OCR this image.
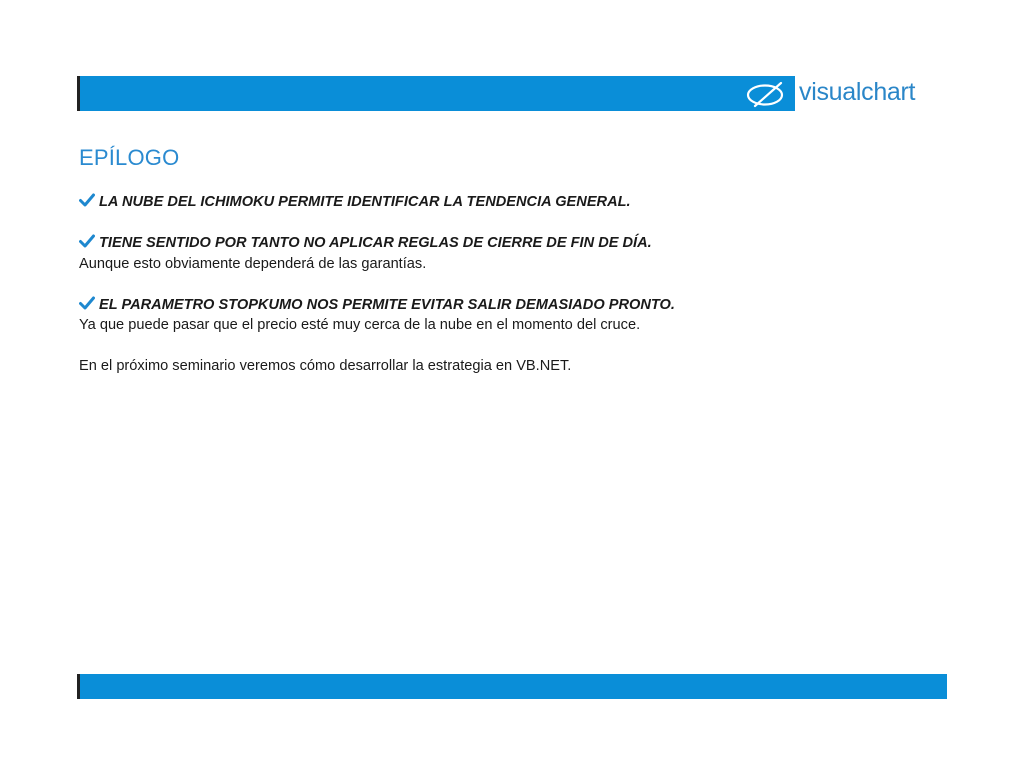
visualchart
EPÍLOGO
LA NUBE DEL ICHIMOKU PERMITE IDENTIFICAR LA TENDENCIA GENERAL.
TIENE SENTIDO POR TANTO NO APLICAR REGLAS DE CIERRE DE FIN DE DÍA.
Aunque esto obviamente dependerá de las garantías.
EL PARAMETRO STOPKUMO NOS PERMITE EVITAR SALIR DEMASIADO PRONTO.
Ya que puede pasar que el precio esté muy cerca de la nube en el momento del cruce.
En el próximo seminario veremos cómo desarrollar la estrategia en VB.NET.
